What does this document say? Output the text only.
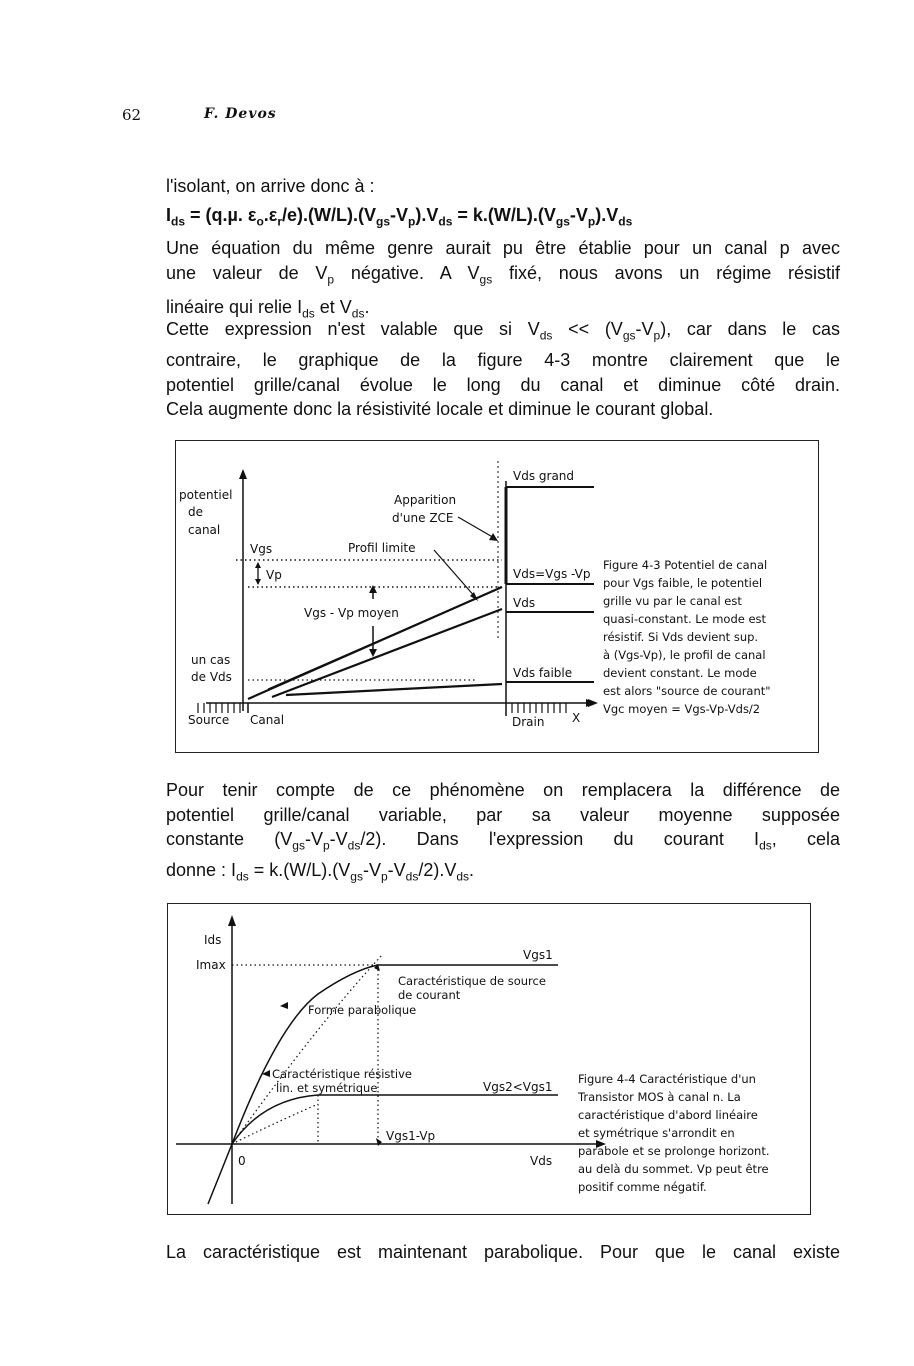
62	F. Devos
l'isolant, on arrive donc à :
$I_{ds} = (q.\mu$. $\varepsilon_o.\varepsilon_r/e).(W/L).(V_{gs}-V_p).V_{ds} = k.(W/L).(V_{gs}-V_p).V_{ds}$
Une équation du même genre aurait pu être établie pour un canal p avec
une valeur de $V_p$ négative. A $V_{gs}$ fixé, nous avons un régime résistif
linéaire qui relie $I_{ds}$ et $V_{ds}$.
Cette expression n'est valable que si $V_{ds} << (V_{gs}-V_p)$, car dans le cas
contraire, le graphique de la figure 4-3 montre clairement que le
potentiel grille/canal évolue le long du canal et diminue côté drain.
Cela augmente donc la résistivité locale et diminue le courant global.
potentiel
de
canal
Vgs	Profil limite
Apparition
d'une ZCE
Vp
Vgs - Vp moyen
un cas
de Vds
Source Canal	Drain X
Vds grand
Vds=Vgs -Vp
Vds
Vds faible
Figure 4-3 Potentiel de canal
pour Vgs faible, le potentiel
grille vu par le canal est
quasi-constant. Le mode est
résistif. Si Vds devient sup.
à (Vgs-Vp), le profil de canal
devient constant. Le mode
est alors "source de courant"
Vgc moyen = Vgs-Vp-Vds/2
Pour tenir compte de ce phénomène on remplacera la différence de
potentiel grille/canal variable, par sa valeur moyenne supposée
constante $(V_{gs}-V_p-V_{ds}/2)$. Dans l'expression du courant $I_{ds}$, cela
donne : $I_{ds} = k.(W/L).(V_{gs}-V_p-V_{ds}/2).V_{ds}$.
Ids
Imax
Vgs1
Caractéristique de source
de courant
Forme parabolique
Caractéristique résistive
lin. et symétrique	Vgs2<Vgs1
Vgs1-Vp
0	Vds
Figure 4-4 Caractéristique d'un
Transistor MOS à canal n. La
caractéristique d'abord linéaire
et symétrique s'arrondit en
parabole et se prolonge horizont.
au delà du sommet. Vp peut être
positif comme négatif.
La caractéristique est maintenant parabolique. Pour que le canal existe
